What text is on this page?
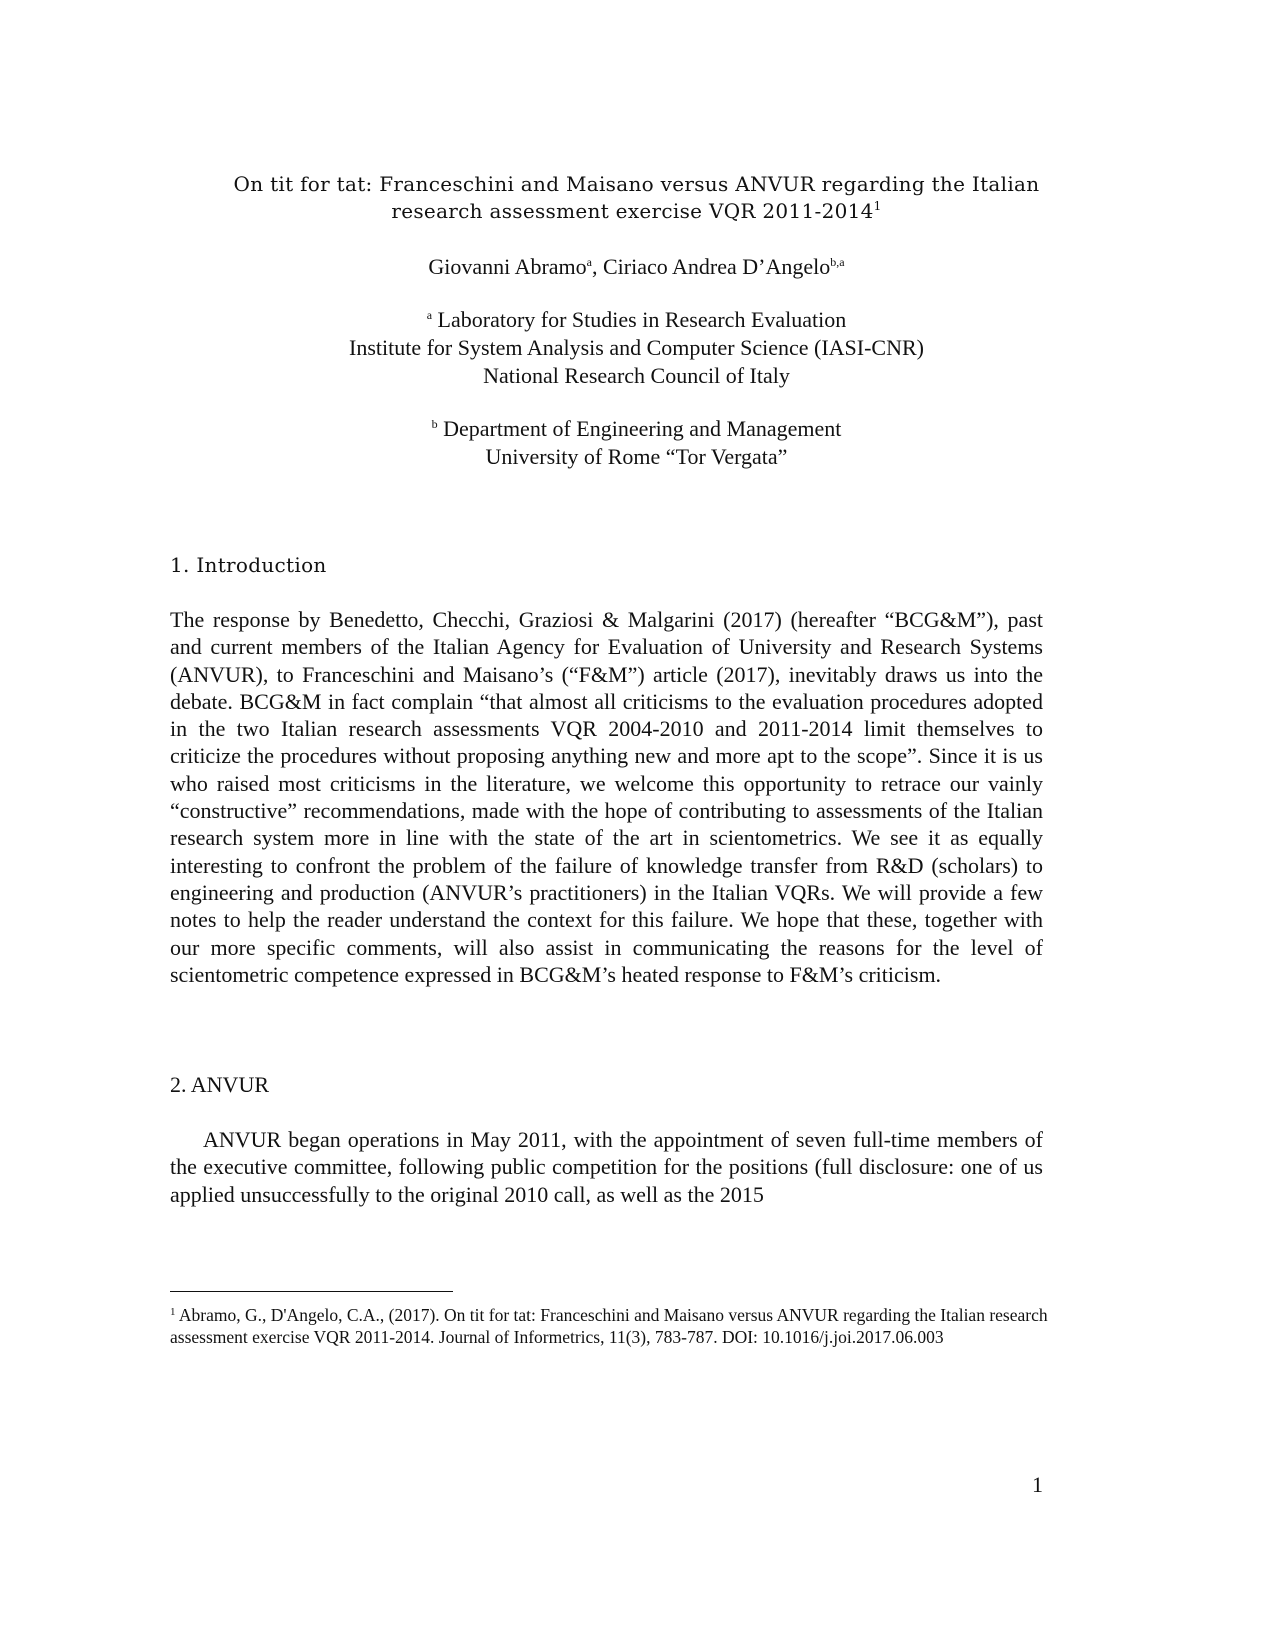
On tit for tat: Franceschini and Maisano versus ANVUR regarding the Italian
research assessment exercise VQR 2011-2014$^1$
Giovanni Abramo$^a$, Ciriaco Andrea D’Angelo$^{b,a}$
$^a$ Laboratory for Studies in Research Evaluation
Institute for System Analysis and Computer Science (IASI-CNR)
National Research Council of Italy
$^b$ Department of Engineering and Management
University of Rome “Tor Vergata”
1. Introduction

The response by Benedetto, Checchi, Graziosi & Malgarini (2017) (hereafter “BCG&M”), past and current members of the Italian Agency for Evaluation of University and Research Systems (ANVUR), to Franceschini and Maisano’s (“F&M”) article (2017), inevitably draws us into the debate. BCG&M in fact complain “that almost all criticisms to the evaluation procedures adopted in the two Italian research assessments VQR 2004-2010 and 2011-2014 limit themselves to criticize the procedures without proposing anything new and more apt to the scope”. Since it is us who raised most criticisms in the literature, we welcome this opportunity to retrace our vainly “constructive” recommendations, made with the hope of contributing to assessments of the Italian research system more in line with the state of the art in scientometrics. We see it as equally interesting to confront the problem of the failure of knowledge transfer from R&D (scholars) to engineering and production (ANVUR’s practitioners) in the Italian VQRs. We will provide a few notes to help the reader understand the context for this failure. We hope that these, together with our more specific comments, will also assist in communicating the reasons for the level of scientometric competence expressed in BCG&M’s heated response to F&M’s criticism.

2. ANVUR

ANVUR began operations in May 2011, with the appointment of seven full-time members of the executive committee, following public competition for the positions (full disclosure: one of us applied unsuccessfully to the original 2010 call, as well as the 2015

$^1$ Abramo, G., D'Angelo, C.A., (2017). On tit for tat: Franceschini and Maisano versus ANVUR regarding the Italian research assessment exercise VQR 2011-2014. Journal of Informetrics, 11(3), 783-787. DOI: 10.1016/j.joi.2017.06.003
1
